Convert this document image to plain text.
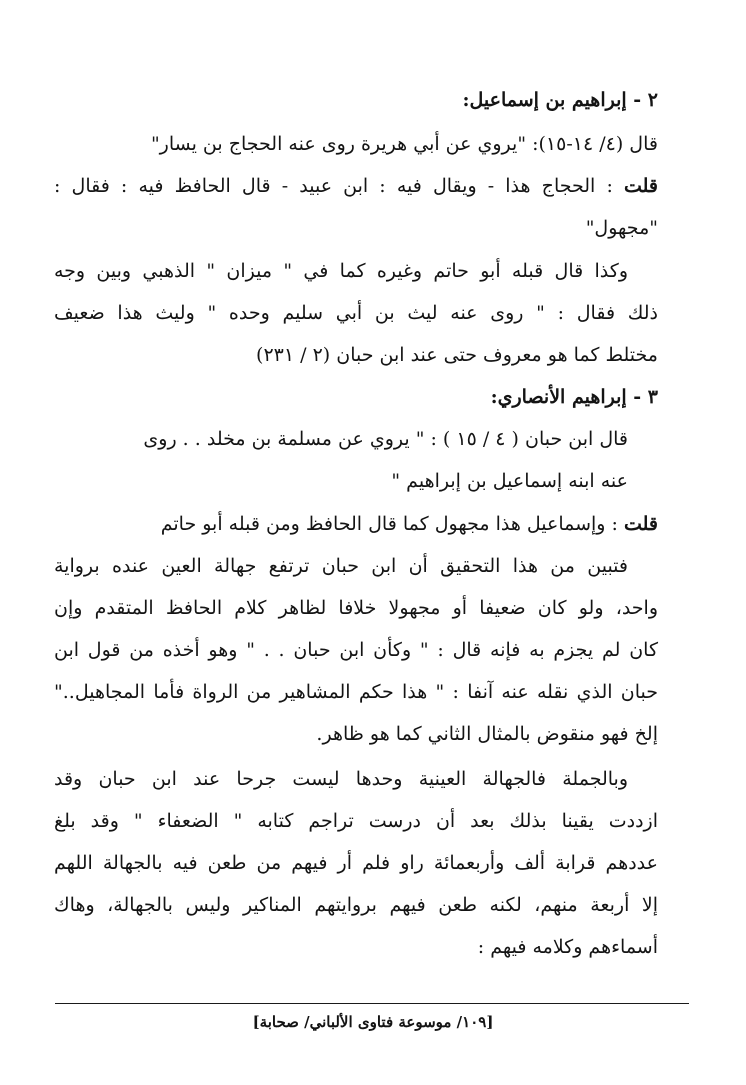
٢ - إبراهيم بن إسماعيل:
قال (٤/ ١٤-١٥): "يروي عن أبي هريرة روى عنه الحجاج بن يسار"
قلت : الحجاج هذا - ويقال فيه : ابن عبيد - قال الحافظ فيه : فقال :
"مجهول"
وكذا قال قبله أبو حاتم وغيره كما في " ميزان " الذهبي وبين وجه
ذلك فقال : " روى عنه ليث بن أبي سليم وحده " وليث هذا ضعيف
مختلط كما هو معروف حتى عند ابن حبان (٢ / ٢٣١)
٣ - إبراهيم الأنصاري:
قال ابن حبان ( ٤ / ١٥ ) : " يروي عن مسلمة بن مخلد . . روى
عنه ابنه إسماعيل بن إبراهيم "
قلت : وإسماعيل هذا مجهول كما قال الحافظ ومن قبله أبو حاتم
فتبين من هذا التحقيق أن ابن حبان ترتفع جهالة العين عنده برواية
واحد، ولو كان ضعيفا أو مجهولا خلافا لظاهر كلام الحافظ المتقدم وإن
كان لم يجزم به فإنه قال : " وكأن ابن حبان . . " وهو أخذه من قول ابن
حبان الذي نقله عنه آنفا : " هذا حكم المشاهير من الرواة فأما المجاهيل.."
إلخ فهو منقوض بالمثال الثاني كما هو ظاهر.
وبالجملة فالجهالة العينية وحدها ليست جرحا عند ابن حبان وقد
ازددت يقينا بذلك بعد أن درست تراجم كتابه " الضعفاء " وقد بلغ
عددهم قرابة ألف وأربعمائة راو فلم أر فيهم من طعن فيه بالجهالة اللهم
إلا أربعة منهم، لكنه طعن فيهم بروايتهم المناكير وليس بالجهالة، وهاك
أسماءهم وكلامه فيهم :
[١٠٩/ موسوعة فتاوى الألباني/ صحابة]
